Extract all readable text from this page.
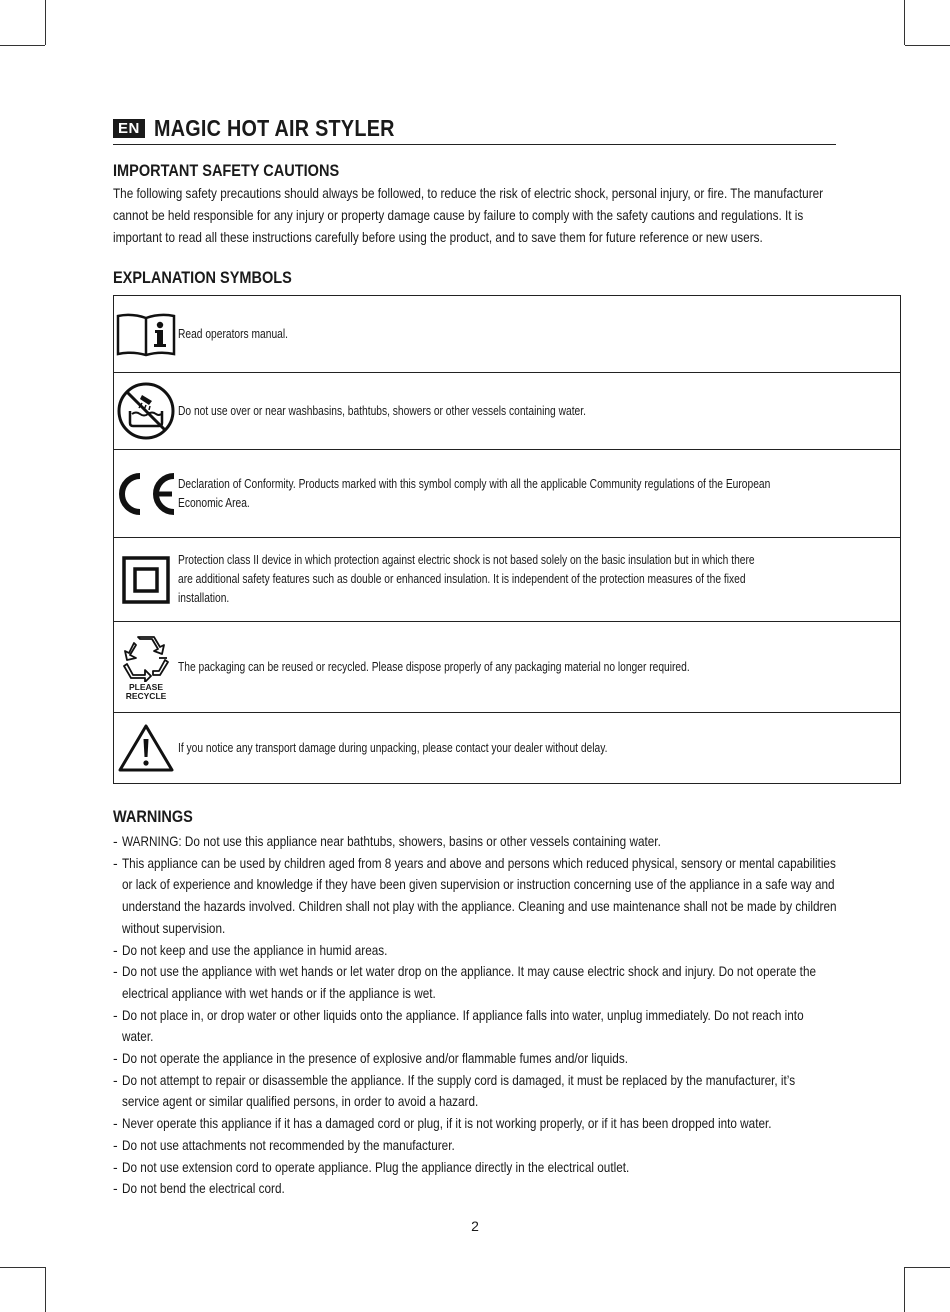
EN MAGIC HOT AIR STYLER
IMPORTANT SAFETY CAUTIONS
The following safety precautions should always be followed, to reduce the risk of electric shock, personal injury, or fire. The manufacturer
cannot be held responsible for any injury or property damage cause by failure to comply with the safety cautions and regulations. It is
important to read all these instructions carefully before using the product, and to save them for future reference or new users.
EXPLANATION SYMBOLS

Read operators manual.

Do not use over or near washbasins, bathtubs, showers or other vessels containing water.

Declaration of Conformity. Products marked with this symbol comply with all the applicable Community regulations of the European
Economic Area.

Protection class II device in which protection against electric shock is not based solely on the basic insulation but in which there
are additional safety features such as double or enhanced insulation. It is independent of the protection measures of the fixed
installation.

PLEASE
RECYCLE	The packaging can be reused or recycled. Please dispose properly of any packaging material no longer required.

If you notice any transport damage during unpacking, please contact your dealer without delay.
WARNINGS
- WARNING: Do not use this appliance near bathtubs, showers, basins or other vessels containing water.
- This appliance can be used by children aged from 8 years and above and persons which reduced physical, sensory or mental capabilities
or lack of experience and knowledge if they have been given supervision or instruction concerning use of the appliance in a safe way and
understand the hazards involved. Children shall not play with the appliance. Cleaning and use maintenance shall not be made by children
without supervision.
- Do not keep and use the appliance in humid areas.
- Do not use the appliance with wet hands or let water drop on the appliance. It may cause electric shock and injury. Do not operate the
electrical appliance with wet hands or if the appliance is wet.
- Do not place in, or drop water or other liquids onto the appliance. If appliance falls into water, unplug immediately. Do not reach into
water.
- Do not operate the appliance in the presence of explosive and/or flammable fumes and/or liquids.
- Do not attempt to repair or disassemble the appliance. If the supply cord is damaged, it must be replaced by the manufacturer, it’s
service agent or similar qualified persons, in order to avoid a hazard.
- Never operate this appliance if it has a damaged cord or plug, if it is not working properly, or if it has been dropped into water.
- Do not use attachments not recommended by the manufacturer.
- Do not use extension cord to operate appliance. Plug the appliance directly in the electrical outlet.
- Do not bend the electrical cord.
2
